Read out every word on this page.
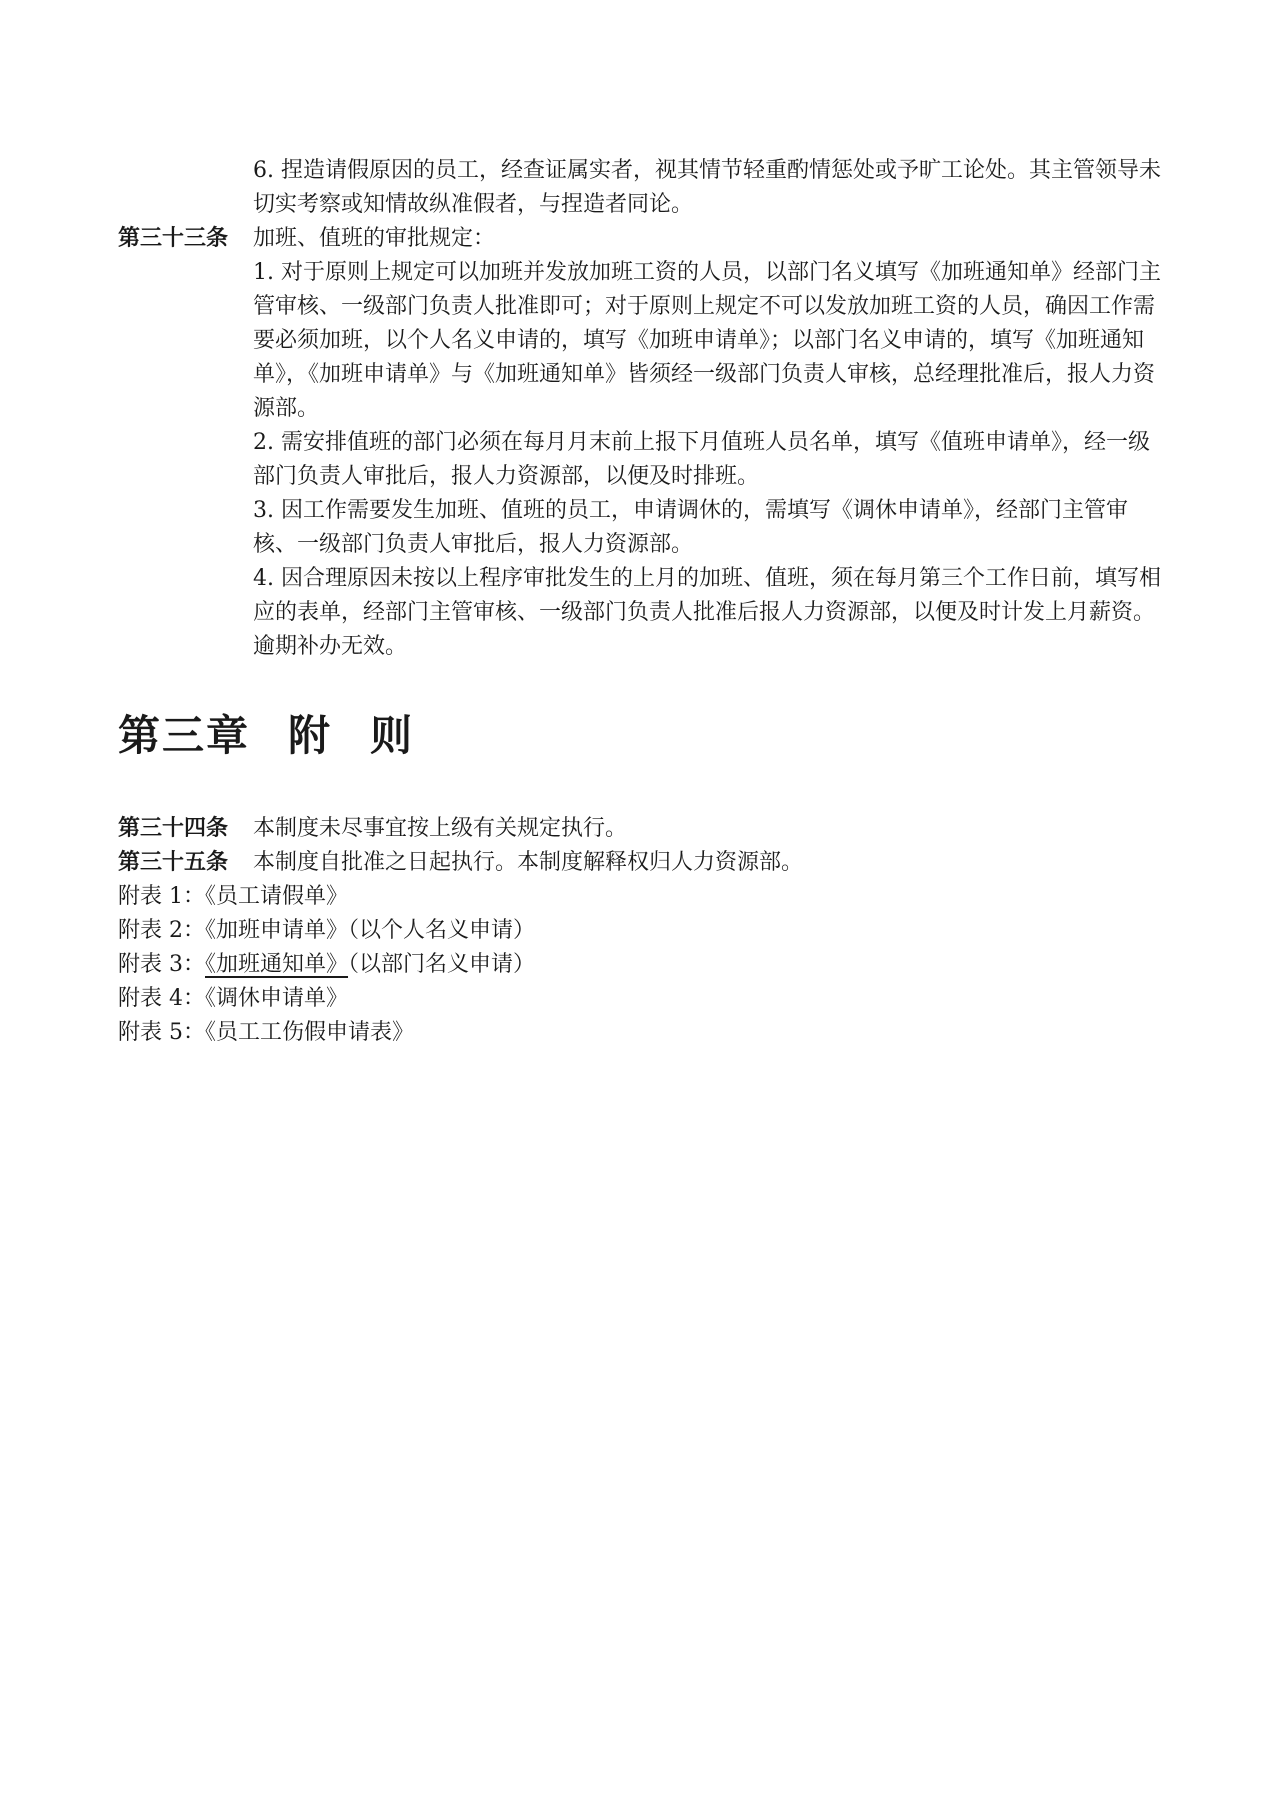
6. 捏造请假原因的员工，经查证属实者，视其情节轻重酌情惩处或予旷工论处。其主管领导未切实考察或知情故纵准假者，与捏造者同论。

第三十三条	加班、值班的审批规定：

1. 对于原则上规定可以加班并发放加班工资的人员，以部门名义填写《加班通知单》经部门主管审核、一级部门负责人批准即可；对于原则上规定不可以发放加班工资的人员，确因工作需要必须加班，以个人名义申请的，填写《加班申请单》；以部门名义申请的，填写《加班通知单》，《加班申请单》与《加班通知单》皆须经一级部门负责人审核，总经理批准后，报人力资源部。

2. 需安排值班的部门必须在每月月末前上报下月值班人员名单，填写《值班申请单》，经一级部门负责人审批后，报人力资源部，以便及时排班。

3. 因工作需要发生加班、值班的员工，申请调休的，需填写《调休申请单》，经部门主管审核、一级部门负责人审批后，报人力资源部。

4. 因合理原因未按以上程序审批发生的上月的加班、值班，须在每月第三个工作日前，填写相应的表单，经部门主管审核、一级部门负责人批准后报人力资源部，以便及时计发上月薪资。逾期补办无效。

第三章 附 则
第三十四条	本制度未尽事宜按上级有关规定执行。
第三十五条	本制度自批准之日起执行。本制度解释权归人力资源部。
附表 1：《员工请假单》
附表 2：《加班申请单》（以个人名义申请）
附表 3：《加班通知单》（以部门名义申请）
附表 4：《调休申请单》
附表 5：《员工工伤假申请表》
